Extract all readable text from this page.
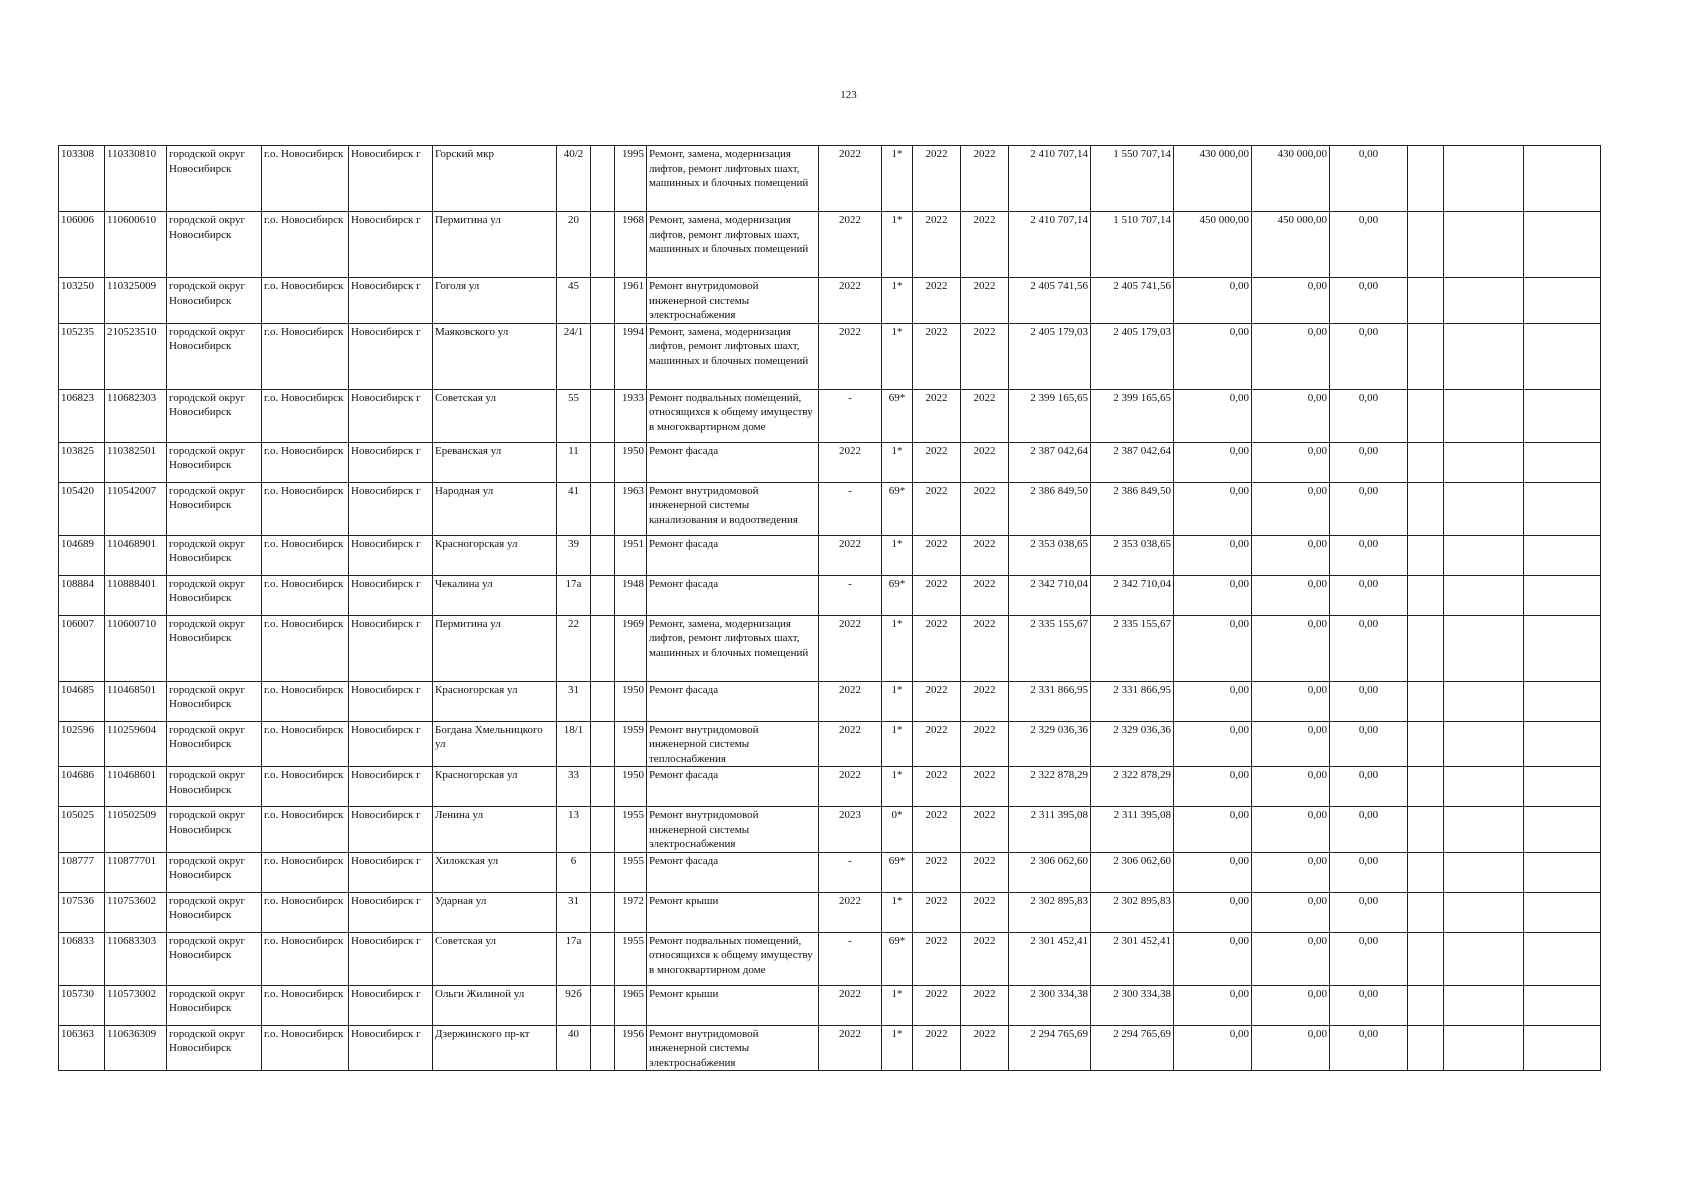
123
103308	110330810	городской округ Новосибирск	г.о. Новосибирск	Новосибирск г	Горский мкр	40/2		1995	Ремонт, замена, модернизация лифтов, ремонт лифтовых шахт, машинных и блочных помещений	2022	1*	2022	2022	2 410 707,14	1 550 707,14	430 000,00	430 000,00	0,00			
106006	110600610	городской округ Новосибирск	г.о. Новосибирск	Новосибирск г	Пермитина ул	20		1968	Ремонт, замена, модернизация лифтов, ремонт лифтовых шахт, машинных и блочных помещений	2022	1*	2022	2022	2 410 707,14	1 510 707,14	450 000,00	450 000,00	0,00			
103250	110325009	городской округ Новосибирск	г.о. Новосибирск	Новосибирск г	Гоголя ул	45		1961	Ремонт внутридомовой инженерной системы электроснабжения	2022	1*	2022	2022	2 405 741,56	2 405 741,56	0,00	0,00	0,00			
105235	210523510	городской округ Новосибирск	г.о. Новосибирск	Новосибирск г	Маяковского ул	24/1		1994	Ремонт, замена, модернизация лифтов, ремонт лифтовых шахт, машинных и блочных помещений	2022	1*	2022	2022	2 405 179,03	2 405 179,03	0,00	0,00	0,00			
106823	110682303	городской округ Новосибирск	г.о. Новосибирск	Новосибирск г	Советская ул	55		1933	Ремонт подвальных помещений, относящихся к общему имуществу в многоквартирном доме	-	69*	2022	2022	2 399 165,65	2 399 165,65	0,00	0,00	0,00			
103825	110382501	городской округ Новосибирск	г.о. Новосибирск	Новосибирск г	Ереванская ул	11		1950	Ремонт фасада	2022	1*	2022	2022	2 387 042,64	2 387 042,64	0,00	0,00	0,00			
105420	110542007	городской округ Новосибирск	г.о. Новосибирск	Новосибирск г	Народная ул	41		1963	Ремонт внутридомовой инженерной системы канализования и водоотведения	-	69*	2022	2022	2 386 849,50	2 386 849,50	0,00	0,00	0,00			
104689	110468901	городской округ Новосибирск	г.о. Новосибирск	Новосибирск г	Красногорская ул	39		1951	Ремонт фасада	2022	1*	2022	2022	2 353 038,65	2 353 038,65	0,00	0,00	0,00			
108884	110888401	городской округ Новосибирск	г.о. Новосибирск	Новосибирск г	Чекалина ул	17а		1948	Ремонт фасада	-	69*	2022	2022	2 342 710,04	2 342 710,04	0,00	0,00	0,00			
106007	110600710	городской округ Новосибирск	г.о. Новосибирск	Новосибирск г	Пермитина ул	22		1969	Ремонт, замена, модернизация лифтов, ремонт лифтовых шахт, машинных и блочных помещений	2022	1*	2022	2022	2 335 155,67	2 335 155,67	0,00	0,00	0,00			
104685	110468501	городской округ Новосибирск	г.о. Новосибирск	Новосибирск г	Красногорская ул	31		1950	Ремонт фасада	2022	1*	2022	2022	2 331 866,95	2 331 866,95	0,00	0,00	0,00			
102596	110259604	городской округ Новосибирск	г.о. Новосибирск	Новосибирск г	Богдана Хмельницкого ул	18/1		1959	Ремонт внутридомовой инженерной системы теплоснабжения	2022	1*	2022	2022	2 329 036,36	2 329 036,36	0,00	0,00	0,00			
104686	110468601	городской округ Новосибирск	г.о. Новосибирск	Новосибирск г	Красногорская ул	33		1950	Ремонт фасада	2022	1*	2022	2022	2 322 878,29	2 322 878,29	0,00	0,00	0,00			
105025	110502509	городской округ Новосибирск	г.о. Новосибирск	Новосибирск г	Ленина ул	13		1955	Ремонт внутридомовой инженерной системы электроснабжения	2023	0*	2022	2022	2 311 395,08	2 311 395,08	0,00	0,00	0,00			
108777	110877701	городской округ Новосибирск	г.о. Новосибирск	Новосибирск г	Хилокская ул	6		1955	Ремонт фасада	-	69*	2022	2022	2 306 062,60	2 306 062,60	0,00	0,00	0,00			
107536	110753602	городской округ Новосибирск	г.о. Новосибирск	Новосибирск г	Ударная ул	31		1972	Ремонт крыши	2022	1*	2022	2022	2 302 895,83	2 302 895,83	0,00	0,00	0,00			
106833	110683303	городской округ Новосибирск	г.о. Новосибирск	Новосибирск г	Советская ул	17а		1955	Ремонт подвальных помещений, относящихся к общему имуществу в многоквартирном доме	-	69*	2022	2022	2 301 452,41	2 301 452,41	0,00	0,00	0,00			
105730	110573002	городской округ Новосибирск	г.о. Новосибирск	Новосибирск г	Ольги Жилиной ул	92б		1965	Ремонт крыши	2022	1*	2022	2022	2 300 334,38	2 300 334,38	0,00	0,00	0,00			
106363	110636309	городской округ Новосибирск	г.о. Новосибирск	Новосибирск г	Дзержинского пр-кт	40		1956	Ремонт внутридомовой инженерной системы электроснабжения	2022	1*	2022	2022	2 294 765,69	2 294 765,69	0,00	0,00	0,00			
